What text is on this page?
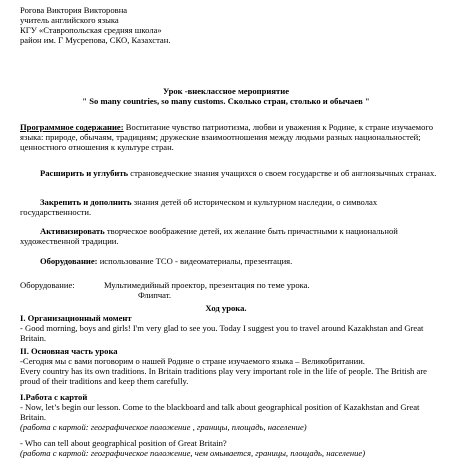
Рогова Виктория Викторовна
учитель английского языка
КГУ «Ставропольская средняя школа»
район им. Г Мусрепова, СКО, Казахстан.
Урок -внеклассное мероприятие
" So many countries, so many customs. Сколько стран, столько и обычаев "

Программное содержание: Воспитание чувство патриотизма, любви и уважения к Родине, к стране изучаемого языка: природе, обычаям, традициям; дружеские взаимоотношения между людьми разных национальностей; ценностного отношения к культуре стран.

Расширить и углубить страноведческие знания учащихся о своем государстве и об англоязычных странах.

Закрепить и дополнить знания детей об историческом и культурном наследии, о символах государственности.

Активизировать творческое воображение детей, их желание быть причастными к национальной художественной традиции.

Оборудование: использование ТСО - видеоматериалы, презентация.

Оборудование:	Мультимедийный проектор, презентация по теме урока.
Флипчат.
Ход урока.
I. Организационный момент
- Good morning, boys and girls! I'm very glad to see you. Today I suggest you to travel around Kazakhstan and Great Britain.
II. Основная часть урока
-Сегодня мы с вами поговорим о нашей Родине о стране изучаемого языка – Великобритании.
Every country has its own traditions. In Britain traditions play very important role in the life of people. The British are proud of their traditions and keep them carefully.
I.Работа с картой
- Now, let’s begin our lesson. Come to the blackboard and talk about geographical position of Kazakhstan and Great Britain.
(работа с картой: географическое положение , границы, площадь, население)
- Who can tell about geographical position of Great Britain?
(работа с картой: географическое положение, чем омывается, границы, площадь, население)
